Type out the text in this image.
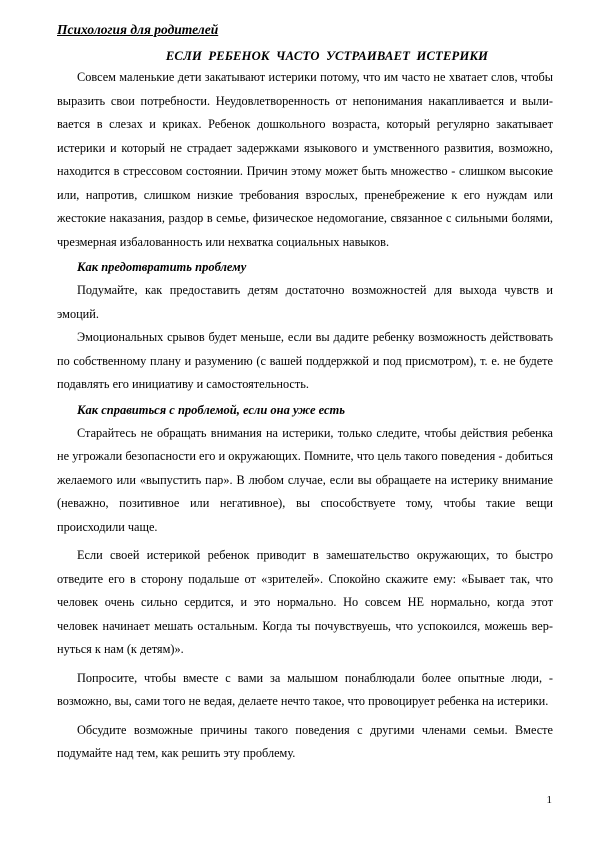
Психология для родителей
ЕСЛИ РЕБЕНОК ЧАСТО УСТРАИВАЕТ ИСТЕРИКИ

Совсем маленькие дети закатывают истерики потому, что им часто не хватает слов, чтобы выразить свои потребности. Неудовлетворенность от непонимания накапливается и выли-вается в слезах и криках. Ребенок дошкольного возраста, который регулярно закатывает истерики и который не страдает задержками языкового и умственного развития, возможно, находится в стрессовом состоянии. Причин этому может быть множество - слишком высокие или, напротив, слишком низкие требования взрослых, пренебрежение к его нуждам или жестокие наказания, раздор в семье, физическое недомогание, связанное с сильными болями, чрезмерная избалованность или нехватка социальных навыков.

Как предотвратить проблему

Подумайте, как предоставить детям достаточно возможностей для выхода чувств и эмоций.

Эмоциональных срывов будет меньше, если вы дадите ребенку возможность действовать по собственному плану и разумению (с вашей поддержкой и под присмотром), т. е. не будете подавлять его инициативу и самостоятельность.

Как справиться с проблемой, если она уже есть

Старайтесь не обращать внимания на истерики, только следите, чтобы действия ребенка не угрожали безопасности его и окружающих. Помните, что цель такого поведения - добиться желаемого или «выпустить пар». В любом случае, если вы обращаете на истерику внимание (неважно, позитивное или негативное), вы способствуете тому, чтобы такие вещи происходили чаще.

Если своей истерикой ребенок приводит в замешательство окружающих, то быстро отведите его в сторону подальше от «зрителей». Спокойно скажите ему: «Бывает так, что человек очень сильно сердится, и это нормально. Но совсем НЕ нормально, когда этот человек начинает мешать остальным. Когда ты почувствуешь, что успокоился, можешь вер-нуться к нам (к детям)».

Попросите, чтобы вместе с вами за малышом понаблюдали более опытные люди, - возможно, вы, сами того не ведая, делаете нечто такое, что провоцирует ребенка на истерики.

Обсудите возможные причины такого поведения с другими членами семьи. Вместе подумайте над тем, как решить эту проблему.

1
